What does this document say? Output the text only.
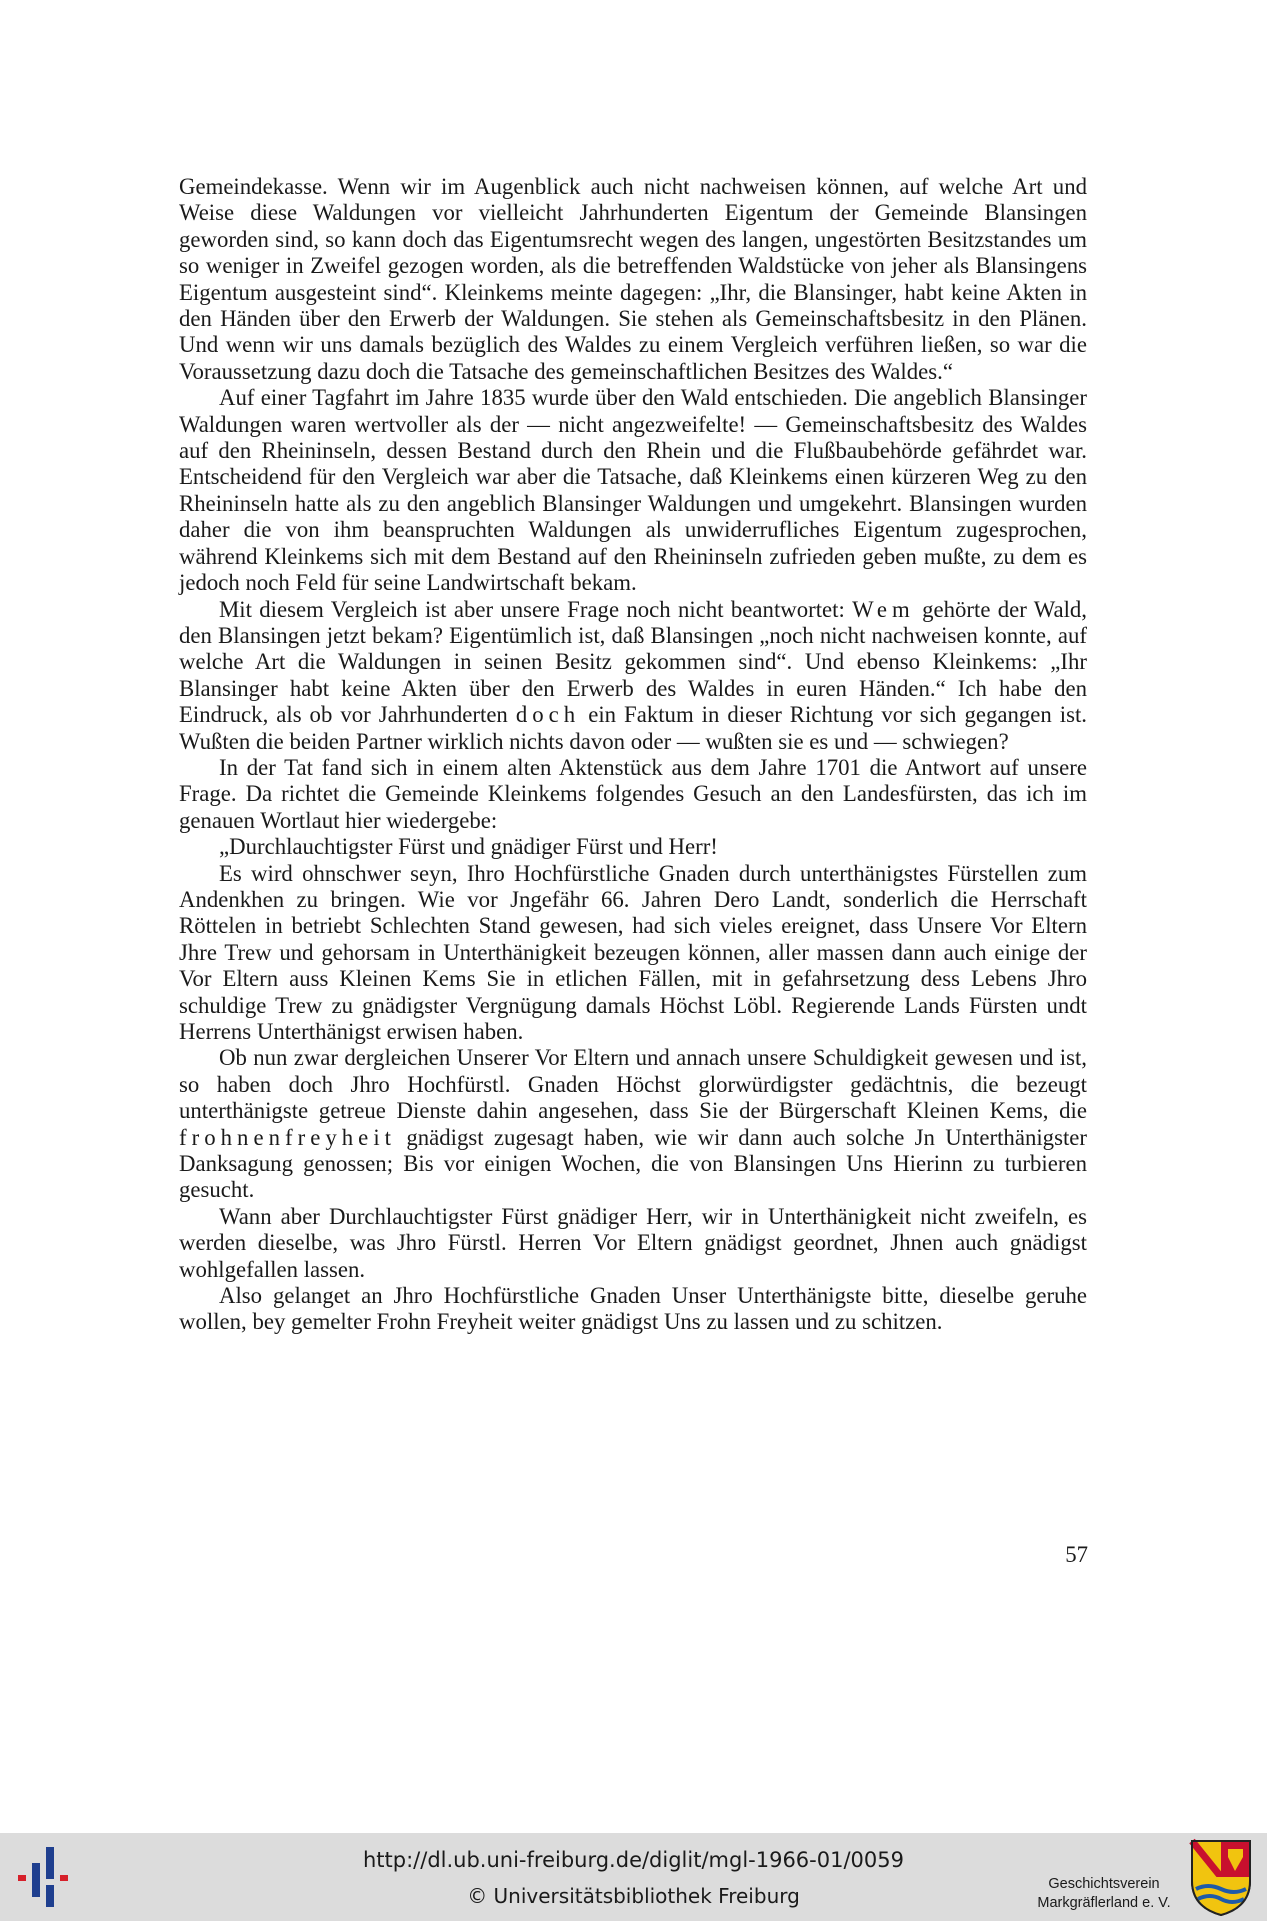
Gemeindekasse. Wenn wir im Augenblick auch nicht nachweisen können, auf welche Art und Weise diese Waldungen vor vielleicht Jahrhunderten Eigentum der Gemeinde Blansingen geworden sind, so kann doch das Eigentumsrecht wegen des langen, ungestörten Besitzstandes um so weniger in Zweifel gezogen worden, als die betreffenden Waldstücke von jeher als Blansingens Eigentum ausgesteint sind“. Kleinkems meinte dagegen: „Ihr, die Blansinger, habt keine Akten in den Händen über den Erwerb der Waldungen. Sie stehen als Gemeinschaftsbesitz in den Plänen. Und wenn wir uns damals bezüglich des Waldes zu einem Vergleich verführen ließen, so war die Voraussetzung dazu doch die Tatsache des gemeinschaftlichen Besitzes des Waldes.“

Auf einer Tagfahrt im Jahre 1835 wurde über den Wald entschieden. Die angeblich Blansinger Waldungen waren wertvoller als der — nicht angezweifelte! — Gemeinschaftsbesitz des Waldes auf den Rheininseln, dessen Bestand durch den Rhein und die Flußbaubehörde gefährdet war. Entscheidend für den Vergleich war aber die Tatsache, daß Kleinkems einen kürzeren Weg zu den Rheininseln hatte als zu den angeblich Blansinger Waldungen und umgekehrt. Blansingen wurden daher die von ihm beanspruchten Waldungen als unwiderrufliches Eigentum zugesprochen, während Kleinkems sich mit dem Bestand auf den Rheininseln zufrieden geben mußte, zu dem es jedoch noch Feld für seine Landwirtschaft bekam.

Mit diesem Vergleich ist aber unsere Frage noch nicht beantwortet: Wem gehörte der Wald, den Blansingen jetzt bekam? Eigentümlich ist, daß Blansingen „noch nicht nachweisen konnte, auf welche Art die Waldungen in seinen Besitz gekommen sind“. Und ebenso Kleinkems: „Ihr Blansinger habt keine Akten über den Erwerb des Waldes in euren Händen.“ Ich habe den Eindruck, als ob vor Jahrhunderten doch ein Faktum in dieser Richtung vor sich gegangen ist. Wußten die beiden Partner wirklich nichts davon oder — wußten sie es und — schwiegen?

In der Tat fand sich in einem alten Aktenstück aus dem Jahre 1701 die Antwort auf unsere Frage. Da richtet die Gemeinde Kleinkems folgendes Gesuch an den Landesfürsten, das ich im genauen Wortlaut hier wiedergebe:

„Durchlauchtigster Fürst und gnädiger Fürst und Herr!

Es wird ohnschwer seyn, Ihro Hochfürstliche Gnaden durch unterthänigstes Fürstellen zum Andenkhen zu bringen. Wie vor Jngefähr 66. Jahren Dero Landt, sonderlich die Herrschaft Röttelen in betriebt Schlechten Stand gewesen, had sich vieles ereignet, dass Unsere Vor Eltern Jhre Trew und gehorsam in Unterthänigkeit bezeugen können, aller massen dann auch einige der Vor Eltern auss Kleinen Kems Sie in etlichen Fällen, mit in gefahrsetzung dess Lebens Jhro schuldige Trew zu gnädigster Vergnügung damals Höchst Löbl. Regierende Lands Fürsten undt Herrens Unterthänigst erwisen haben.

Ob nun zwar dergleichen Unserer Vor Eltern und annach unsere Schuldigkeit gewesen und ist, so haben doch Jhro Hochfürstl. Gnaden Höchst glorwürdigster gedächtnis, die bezeugt unterthänigste getreue Dienste dahin angesehen, dass Sie der Bürgerschaft Kleinen Kems, die frohnenfreyheit gnädigst zugesagt haben, wie wir dann auch solche Jn Unterthänigster Danksagung genossen; Bis vor einigen Wochen, die von Blansingen Uns Hierinn zu turbieren gesucht.

Wann aber Durchlauchtigster Fürst gnädiger Herr, wir in Unterthänigkeit nicht zweifeln, es werden dieselbe, was Jhro Fürstl. Herren Vor Eltern gnädigst geordnet, Jhnen auch gnädigst wohlgefallen lassen.

Also gelanget an Jhro Hochfürstliche Gnaden Unser Unterthänigste bitte, dieselbe geruhe wollen, bey gemelter Frohn Freyheit weiter gnädigst Uns zu lassen und zu schitzen.

57
http://dl.ub.uni-freiburg.de/diglit/mgl-1966-01/0059
© Universitätsbibliothek Freiburg	Geschichtsverein
Markgräflerland e. V.
